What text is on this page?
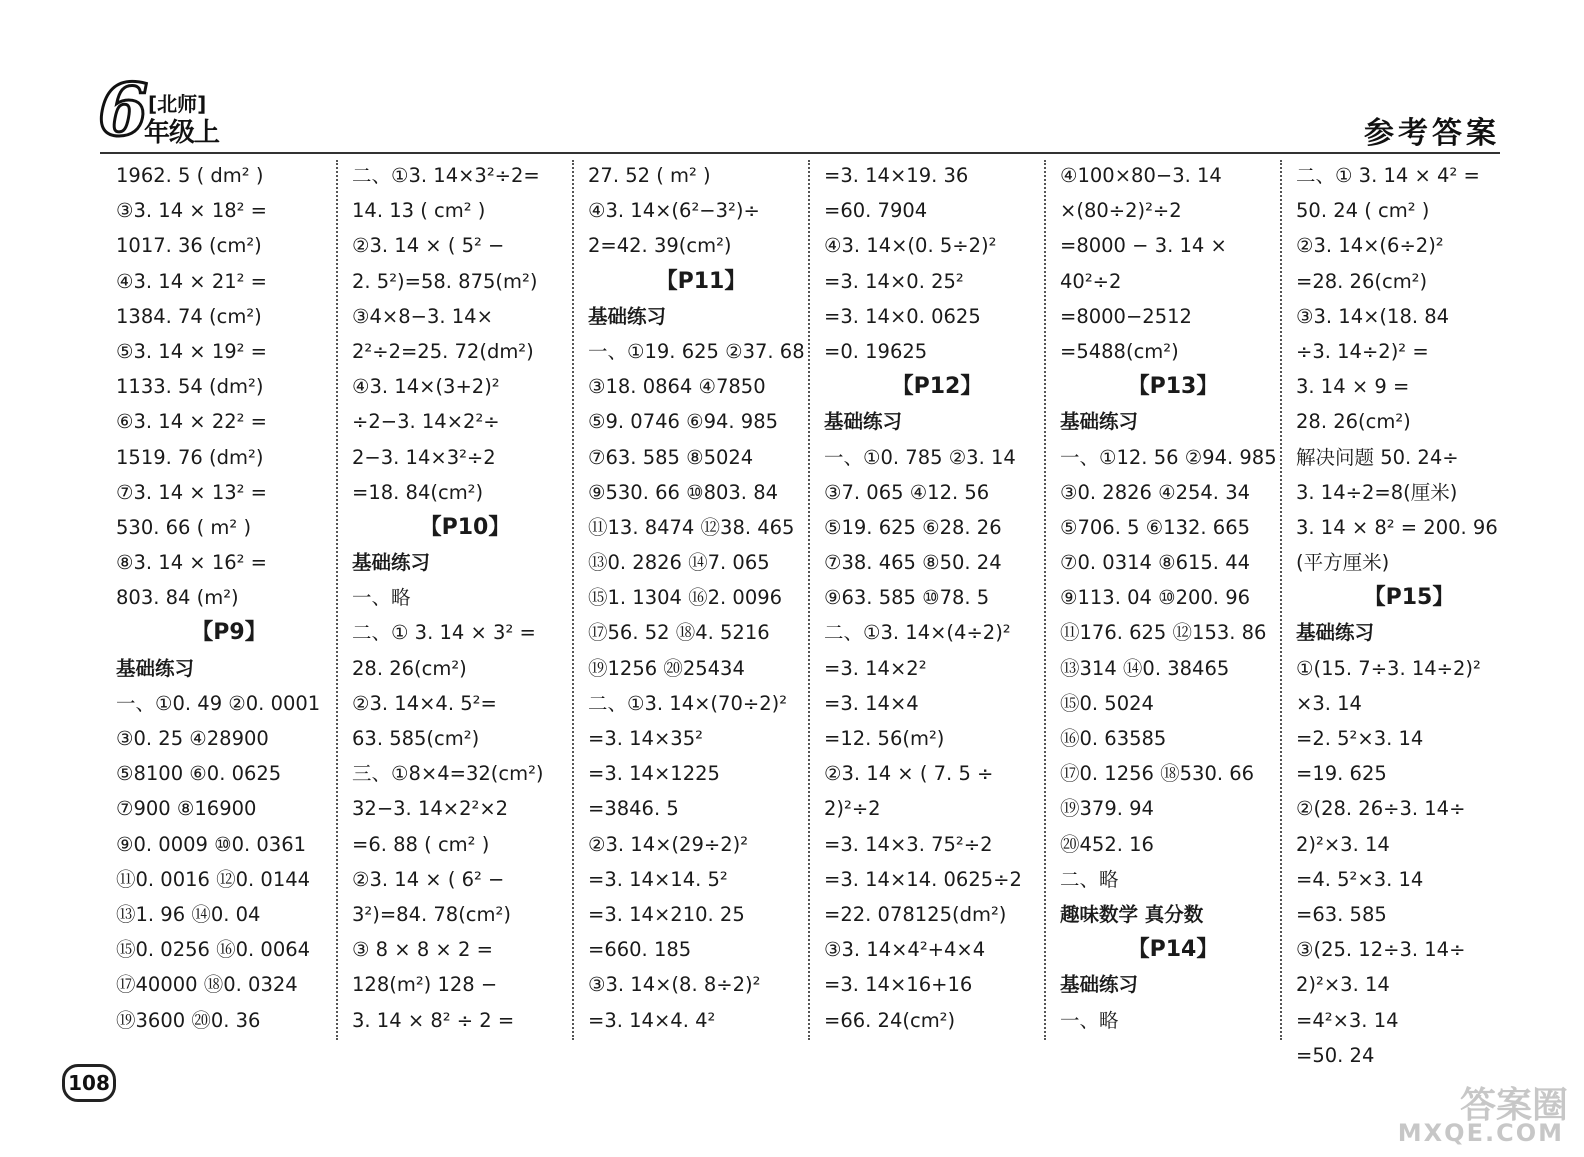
6 [北师]
年级上	参考答案
1962. 5 ( dm² )
③3. 14 × 18² =
1017. 36 (cm²)
④3. 14 × 21² =
1384. 74 (cm²)
⑤3. 14 × 19² =
1133. 54 (dm²)
⑥3. 14 × 22² =
1519. 76 (dm²)
⑦3. 14 × 13² =
530. 66 ( m² )
⑧3. 14 × 16² =
803. 84 (m²)
【P9】
基础练习
一、①0. 49 ②0. 0001
③0. 25 ④28900
⑤8100 ⑥0. 0625
⑦900 ⑧16900
⑨0. 0009 ⑩0. 0361
⑪0. 0016 ⑫0. 0144
⑬1. 96 ⑭0. 04
⑮0. 0256 ⑯0. 0064
⑰40000 ⑱0. 0324
⑲3600 ⑳0. 36
二、①3. 14×3²÷2=
14. 13 ( cm² )
②3. 14 × ( 5² −
2. 5²)=58. 875(m²)
③4×8−3. 14×
2²÷2=25. 72(dm²)
④3. 14×(3+2)²
÷2−3. 14×2²÷
2−3. 14×3²÷2
=18. 84(cm²)
【P10】
基础练习
一、略
二、① 3. 14 × 3² =
28. 26(cm²)
②3. 14×4. 5²=
63. 585(cm²)
三、①8×4=32(cm²)
32−3. 14×2²×2
=6. 88 ( cm² )
②3. 14 × ( 6² −
3²)=84. 78(cm²)
③ 8 × 8 × 2 =
128(m²) 128 −
3. 14 × 8² ÷ 2 =
27. 52 ( m² )
④3. 14×(6²−3²)÷
2=42. 39(cm²)
【P11】
基础练习
一、①19. 625 ②37. 68
③18. 0864 ④7850
⑤9. 0746 ⑥94. 985
⑦63. 585 ⑧5024
⑨530. 66 ⑩803. 84
⑪13. 8474 ⑫38. 465
⑬0. 2826 ⑭7. 065
⑮1. 1304 ⑯2. 0096
⑰56. 52 ⑱4. 5216
⑲1256 ⑳25434
二、①3. 14×(70÷2)²
=3. 14×35²
=3. 14×1225
=3846. 5
②3. 14×(29÷2)²
=3. 14×14. 5²
=3. 14×210. 25
=660. 185
③3. 14×(8. 8÷2)²
=3. 14×4. 4²
=3. 14×19. 36
=60. 7904
④3. 14×(0. 5÷2)²
=3. 14×0. 25²
=3. 14×0. 0625
=0. 19625
【P12】
基础练习
一、①0. 785 ②3. 14
③7. 065 ④12. 56
⑤19. 625 ⑥28. 26
⑦38. 465 ⑧50. 24
⑨63. 585 ⑩78. 5
二、①3. 14×(4÷2)²
=3. 14×2²
=3. 14×4
=12. 56(m²)
②3. 14 × ( 7. 5 ÷
2)²÷2
=3. 14×3. 75²÷2
=3. 14×14. 0625÷2
=22. 078125(dm²)
③3. 14×4²+4×4
=3. 14×16+16
=66. 24(cm²)
④100×80−3. 14
×(80÷2)²÷2
=8000 − 3. 14 ×
40²÷2
=8000−2512
=5488(cm²)
【P13】
基础练习
一、①12. 56 ②94. 985
③0. 2826 ④254. 34
⑤706. 5 ⑥132. 665
⑦0. 0314 ⑧615. 44
⑨113. 04 ⑩200. 96
⑪176. 625 ⑫153. 86
⑬314 ⑭0. 38465
⑮0. 5024
⑯0. 63585
⑰0. 1256 ⑱530. 66
⑲379. 94
⑳452. 16
二、略
趣味数学 真分数
【P14】
基础练习
一、略
二、① 3. 14 × 4² =
50. 24 ( cm² )
②3. 14×(6÷2)²
=28. 26(cm²)
③3. 14×(18. 84
÷3. 14÷2)² =
3. 14 × 9 =
28. 26(cm²)
解决问题 50. 24÷
3. 14÷2=8(厘米)
3. 14 × 8² = 200. 96
(平方厘米)
【P15】
基础练习
①(15. 7÷3. 14÷2)²
×3. 14
=2. 5²×3. 14
=19. 625
②(28. 26÷3. 14÷
2)²×3. 14
=4. 5²×3. 14
=63. 585
③(25. 12÷3. 14÷
2)²×3. 14
=4²×3. 14
=50. 24
108
答案圈
MXQE.COM
